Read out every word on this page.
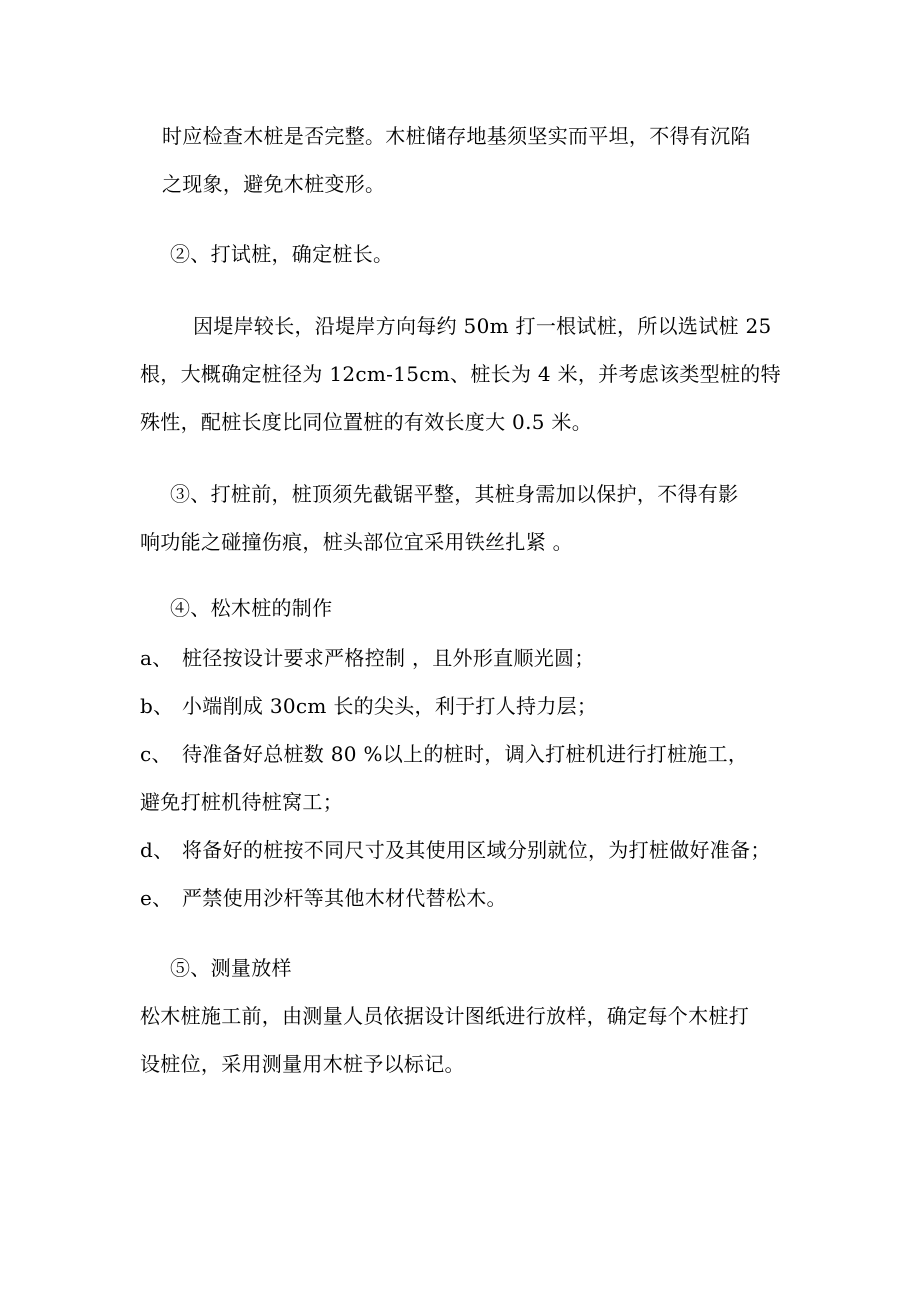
时应检查木桩是否完整。木桩储存地基须坚实而平坦，不得有沉陷
之现象，避免木桩变形。
②、打试桩，确定桩长。
因堤岸较长，沿堤岸方向每约 50m 打一根试桩，所以选试桩 25
根，大概确定桩径为 12cm-15cm、桩长为 4 米，并考虑该类型桩的特
殊性，配桩长度比同位置桩的有效长度大 0.5 米。
③、打桩前，桩顶须先截锯平整，其桩身需加以保护，不得有影
响功能之碰撞伤痕，桩头部位宜采用铁丝扎紧 。
④、松木桩的制作
a、 桩径按设计要求严格控制 ，且外形直顺光圆；
b、 小端削成 30cm 长的尖头，利于打人持力层；
c、 待准备好总桩数 80 %以上的桩时，调入打桩机进行打桩施工，
避免打桩机待桩窝工；
d、 将备好的桩按不同尺寸及其使用区域分别就位，为打桩做好准备；
e、 严禁使用沙杆等其他木材代替松木。
⑤、测量放样
松木桩施工前，由测量人员依据设计图纸进行放样，确定每个木桩打
设桩位，采用测量用木桩予以标记。
